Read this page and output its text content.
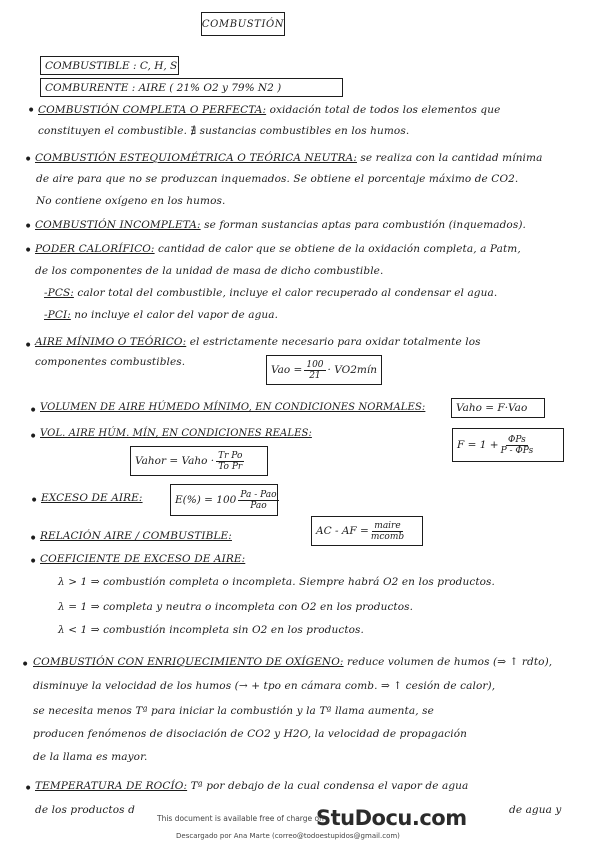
COMBUSTIÓN
COMBUSTIBLE : C, H, S
COMBURENTE : AIRE ( 21% O2 y 79% N2 )
• COMBUSTIÓN COMPLETA O PERFECTA: oxidación total de todos los elementos que
constituyen el combustible. ∄ sustancias combustibles en los humos.
• COMBUSTIÓN ESTEQUIOMÉTRICA O TEÓRICA NEUTRA: se realiza con la cantidad mínima
de aire para que no se produzcan inquemados. Se obtiene el porcentaje máximo de CO2.
No contiene oxígeno en los humos.
• COMBUSTIÓN INCOMPLETA: se forman sustancias aptas para combustión (inquemados).
• PODER CALORÍFICO: cantidad de calor que se obtiene de la oxidación completa, a Patm,
de los componentes de la unidad de masa de dicho combustible.
-PCS: calor total del combustible, incluye el calor recuperado al condensar el agua.
-PCI: no incluye el calor del vapor de agua.
• AIRE MÍNIMO O TEÓRICO: el estrictamente necesario para oxidar totalmente los
componentes combustibles.
Vao = $\frac{100}{21}$ · VO2mín
• VOLUMEN DE AIRE HÚMEDO MÍNIMO, EN CONDICIONES NORMALES:	Vaho = F·Vao
• VOL. AIRE HÚM. MÍN, EN CONDICIONES REALES:
Vahor = Vaho · $\frac{\text{Tr Po}}{\text{To Pr}}$
$F = 1 + \frac{\text{ΦPs}}{\text{P - ΦPs}}$
• EXCESO DE AIRE:	$E(\%) = 100 \frac{\text{Pa - Pao}}{\text{Pao}}$
• RELACIÓN AIRE / COMBUSTIBLE:	AC - AF = $\frac{\text{maire}}{\text{mcomb}}$
• COEFICIENTE DE EXCESO DE AIRE:
λ > 1 ⇒ combustión completa o incompleta. Siempre habrá O2 en los productos.
λ = 1 ⇒ completa y neutra o incompleta con O2 en los productos.
λ < 1 ⇒ combustión incompleta sin O2 en los productos.
• COMBUSTIÓN CON ENRIQUECIMIENTO DE OXÍGENO: reduce volumen de humos (⇒ ↑ rdto),
disminuye la velocidad de los humos (→ + tpo en cámara comb. ⇒ ↑ cesión de calor),
se necesita menos Tª para iniciar la combustión y la Tª llama aumenta, se
producen fenómenos de disociación de CO2 y H2O, la velocidad de propagación
de la llama es mayor.
• TEMPERATURA DE ROCÍO: Tª por debajo de la cual condensa el vapor de agua
de los productos d	de agua y
This document is available free of charge on
StuDocu.com
Descargado por Ana Marte (correo@todoestupidos@gmail.com)
